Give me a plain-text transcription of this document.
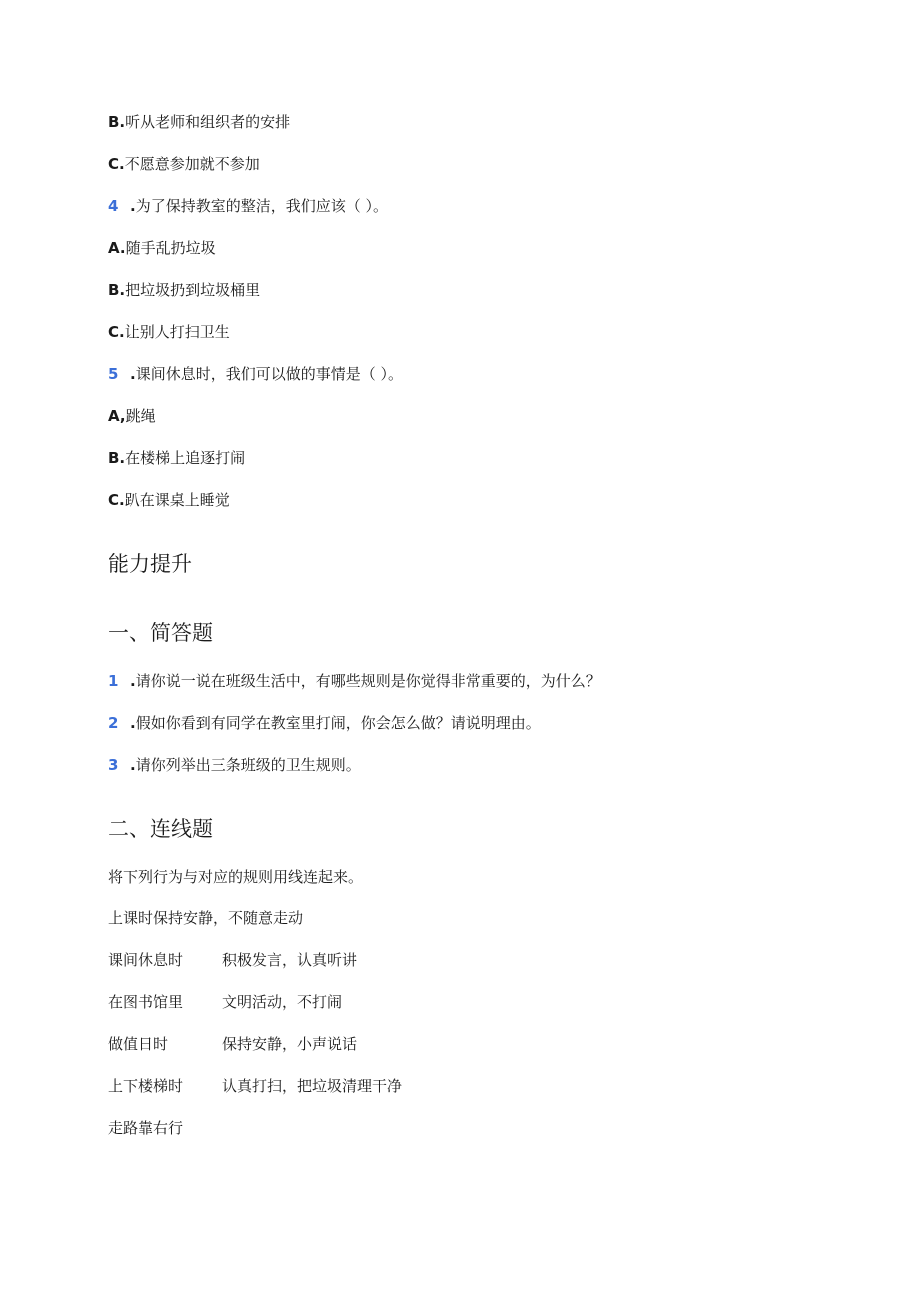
B.听从老师和组织者的安排
C.不愿意参加就不参加
4 .为了保持教室的整洁，我们应该（ ）。
A.随手乱扔垃圾
B.把垃圾扔到垃圾桶里
C.让别人打扫卫生
5 .课间休息时，我们可以做的事情是（ ）。
A,跳绳
B.在楼梯上追逐打闹
C.趴在课桌上睡觉
能力提升
一、简答题
1 .请你说一说在班级生活中，有哪些规则是你觉得非常重要的，为什么？
2 .假如你看到有同学在教室里打闹，你会怎么做？请说明理由。
3 .请你列举出三条班级的卫生规则。
二、连线题
将下列行为与对应的规则用线连起来。
上课时保持安静，不随意走动
课间休息时	积极发言，认真听讲
在图书馆里	文明活动，不打闹
做值日时	保持安静，小声说话
上下楼梯时	认真打扫，把垃圾清理干净
走路靠右行
